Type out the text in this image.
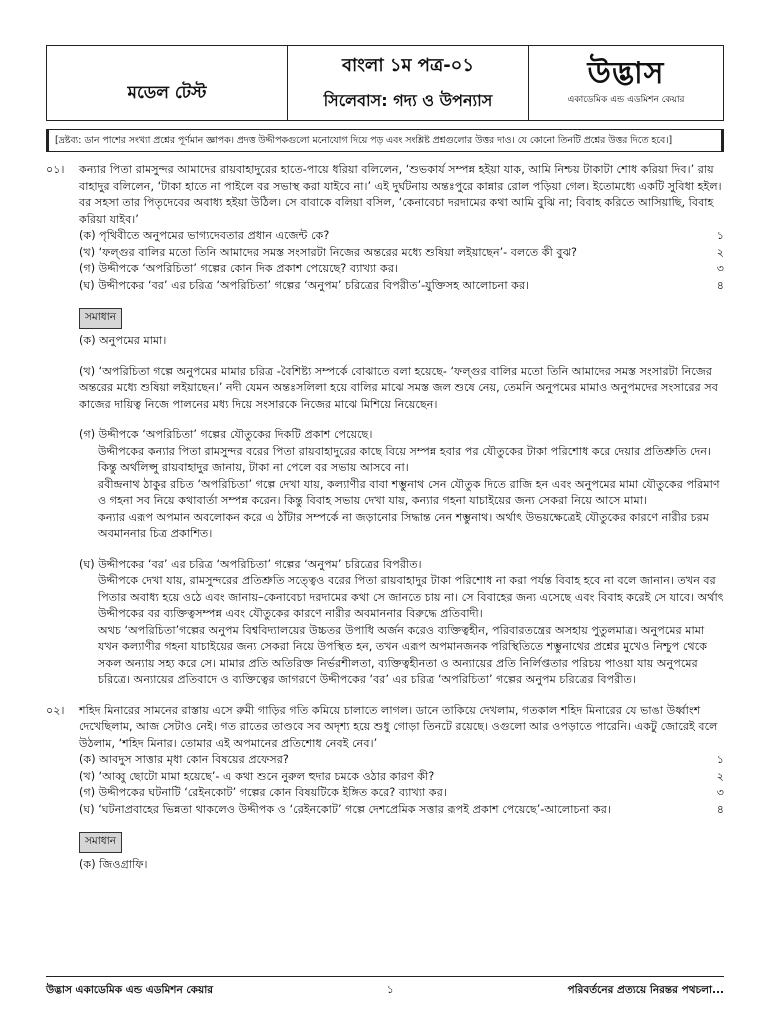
মডেল টেস্ট
বাংলা ১ম পত্র-০১
সিলেবাস: গদ্য ও উপন্যাস
উদ্ভাস
একাডেমিক এন্ড এডমিশন কেয়ার
[দ্রষ্টব্য: ডান পাশের সংখ্যা প্রশ্নের পূর্ণমান জ্ঞাপক। প্রদত্ত উদ্দীপকগুলো মনোযোগ দিয়ে পড় এবং সংশ্লিষ্ট প্রশ্নগুলোর উত্তর দাও। যে কোনো তিনটি প্রশ্নের উত্তর দিতে হবে।]
০১। কন্যার পিতা রামসুন্দর আমাদের রায়বাহাদুরের হাতে-পায়ে ধরিয়া বলিলেন, ‘শুভকার্য সম্পন্ন হইয়া যাক, আমি নিশ্চয় টাকাটা শোধ করিয়া দিব।’ রায় বাহাদুর বলিলেন, ‘টাকা হাতে না পাইলে বর সভাস্থ করা যাইবে না।’ এই দুর্ঘটনায় অন্তঃপুরে কান্নার রোল পড়িয়া গেল। ইতোমধ্যে একটি সুবিধা হইল। বর সহসা তার পিতৃদেবের অবাধ্য হইয়া উঠিল। সে বাবাকে বলিয়া বসিল, ‘কেনাবেচা দরদামের কথা আমি বুঝি না; বিবাহ করিতে আসিয়াছি, বিবাহ করিয়া যাইব।’
(ক) পৃথিবীতে অনুপমের ভাগ্যদেবতার প্রধান এজেন্ট কে?	১
(খ) ‘ফল্গুর বালির মতো তিনি আমাদের সমস্ত সংসারটা নিজের অন্তরের মধ্যে শুষিয়া লইয়াছেন’- বলতে কী বুঝ?	২
(গ) উদ্দীপকে ‘অপরিচিতা’ গল্পের কোন দিক প্রকাশ পেয়েছে? ব্যাখ্যা কর।	৩
(ঘ) উদ্দীপকের ‘বর’ এর চরিত্র ‘অপরিচিতা’ গল্পের ‘অনুপম’ চরিত্রের বিপরীত’-যুক্তিসহ আলোচনা কর।	৪
সমাধান

(ক) অনুপমের মামা।

(খ) ‘অপরিচিতা গল্পে অনুপমের মামার চরিত্র -বৈশিষ্ট্য সম্পর্কে বোঝাতে বলা হয়েছে- ‘ফল্গুর বালির মতো তিনি আমাদের সমস্ত সংসারটা নিজের অন্তরের মধ্যে শুষিয়া লইয়াছেন।’ নদী যেমন অন্তঃসলিলা হয়ে বালির মাঝে সমস্ত জল শুষে নেয়, তেমনি অনুপমের মামাও অনুপমদের সংসারের সব কাজের দায়িত্ব নিজে পালনের মধ্য দিয়ে সংসারকে নিজের মাঝে মিশিয়ে নিয়েছেন।

(গ) উদ্দীপকে ‘অপরিচিতা’ গল্পের যৌতুকের দিকটি প্রকাশ পেয়েছে।

উদ্দীপকের কন্যার পিতা রামসুন্দর বরের পিতা রায়বাহাদুরের কাছে বিয়ে সম্পন্ন হবার পর যৌতুকের টাকা পরিশোধ করে দেয়ার প্রতিশ্রুতি দেন। কিন্তু অর্থলিপ্সু রায়বাহাদুর জানায়, টাকা না পেলে বর সভায় আসবে না।

রবীন্দ্রনাথ ঠাকুর রচিত ‘অপরিচিতা’ গল্পে দেখা যায়, কল্যাণীর বাবা শম্ভুনাথ সেন যৌতুক দিতে রাজি হন এবং অনুপমের মামা যৌতুকের পরিমাণ ও গহনা সব নিয়ে কথাবার্তা সম্পন্ন করেন। কিন্তু বিবাহ সভায় দেখা যায়, কন্যার গহনা যাচাইয়ের জন্য সেকরা নিয়ে আসে মামা।

কন্যার এরূপ অপমান অবলোকন করে এ ঠাঁটার সম্পর্কে না জড়ানোর সিদ্ধান্ত নেন শম্ভুনাথ। অর্থাৎ উভয়ক্ষেত্রেই যৌতুকের কারণে নারীর চরম অবমাননার চিত্র প্রকাশিত।

(ঘ) উদ্দীপকের ‘বর’ এর চরিত্র ‘অপরিচিতা’ গল্পের ‘অনুপম’ চরিত্রের বিপরীত।

উদ্দীপকে দেখা যায়, রামসুন্দরের প্রতিশ্রুতি সত্ত্বেও বরের পিতা রায়বাহাদুর টাকা পরিশোধ না করা পর্যন্ত বিবাহ হবে না বলে জানান। তখন বর পিতার অবাধ্য হয়ে ওঠে এবং জানায়–কেনাবেচা দরদামের কথা সে জানতে চায় না। সে বিবাহের জন্য এসেছে এবং বিবাহ করেই সে যাবে। অর্থাৎ উদ্দীপকের বর ব্যক্তিত্বসম্পন্ন এবং যৌতুকের কারণে নারীর অবমাননার বিরুদ্ধে প্রতিবাদী।

অথচ ‘অপরিচিতা’গল্পের অনুপম বিশ্ববিদ্যালয়ের উচ্চতর উপাধি অর্জন করেও ব্যক্তিত্বহীন, পরিবারতন্ত্রের অসহায় পুতুলমাত্র। অনুপমের মামা যখন কল্যাণীর গহনা যাচাইয়ের জন্য সেকরা নিয়ে উপস্থিত হন, তখন এরূপ অপমানজনক পরিস্থিতিতে শম্ভুনাথের প্রশ্নের মুখেও নিশ্চুপ থেকে সকল অন্যায় সহ্য করে সে। মামার প্রতি অতিরিক্ত নির্ভরশীলতা, ব্যক্তিত্বহীনতা ও অন্যায়ের প্রতি নির্লিপ্ততার পরিচয় পাওয়া যায় অনুপমের চরিত্রে। অন্যায়ের প্রতিবাদে ও ব্যক্তিত্বের জাগরণে উদ্দীপকের ‘বর’ এর চরিত্র ‘অপরিচিতা’ গল্পের অনুপম চরিত্রের বিপরীত।

০২। শহিদ মিনারের সামনের রাস্তায় এসে রুমী গাড়ির গতি কমিয়ে চালাতে লাগল। ডানে তাকিয়ে দেখলাম, গতকাল শহিদ মিনারের যে ভাঙা উর্ধ্বাংশ দেখেছিলাম, আজ সেটাও নেই। গত রাতের তাণ্ডবে সব অদৃশ্য হয়ে শুধু গোড়া তিনটে রয়েছে। ওগুলো আর ওপড়াতে পারেনি। একটু জোরেই বলে উঠলাম, ‘শহিদ মিনার। তোমার এই অপমানের প্রতিশোধ নেবই নেব।’
(ক) আবদুস সাত্তার মৃধা কোন বিষয়ের প্রফেসর?	১
(খ) ‘আব্বু ছোটো মামা হয়েছে’- এ কথা শুনে নুরুল হুদার চমকে ওঠার কারণ কী?	২
(গ) উদ্দীপকের ঘটনাটি ‘রেইনকোট’ গল্পের কোন বিষয়টিকে ইঙ্গিত করে? ব্যাখ্যা কর।	৩
(ঘ) ‘ঘটনাপ্রবাহের ভিন্নতা থাকলেও উদ্দীপক ও ‘রেইনকোট’ গল্পে দেশপ্রেমিক সত্তার রূপই প্রকাশ পেয়েছে’-আলোচনা কর।	৪
সমাধান

(ক) জিওগ্রাফি।

উদ্ভাস একাডেমিক এন্ড এডমিশন কেয়ার	১	পরিবর্তনের প্রত্যয়ে নিরন্তর পথচলা...
